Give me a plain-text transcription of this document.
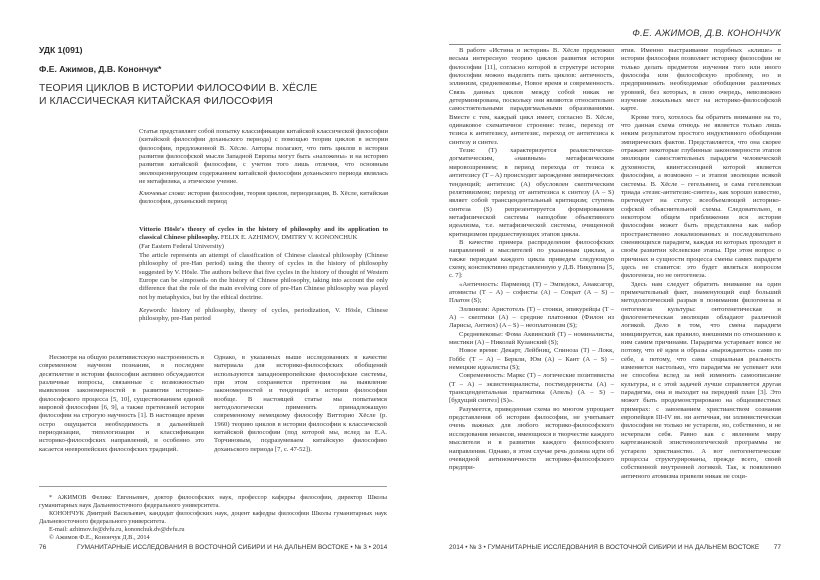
УДК 1(091)
Ф.Е. Ажимов, Д.В. Конончук*
ТЕОРИЯ ЦИКЛОВ В ИСТОРИИ ФИЛОСОФИИ В. ХЁСЛЕ
И КЛАССИЧЕСКАЯ КИТАЙСКАЯ ФИЛОСОФИЯ

Статья представляет собой попытку классификации китайской классической философии (китайской философии доханьского периода) с помощью теории циклов в истории философии, предложенной В. Хёсле. Авторы полагают, что пять циклов в истории развития философской мысли Западной Европы могут быть «наложены» и на историю развития китайской философии, с учетом того лишь отличия, что основным эволюционирующим содержанием китайской философии доханьского периода являлась не метафизика, а этическое учение.

Ключевые слова: история философии, теория циклов, периодизация, В. Хёсле, китайская философия, доханьский период

Vittorio Hösle's theory of cycles in the history of philosophy and its application to classical Chinese philosophy. FELIX E. AZHIMOV, DMITRY V. KONONCHUK

(Far Eastern Federal University)

The article represents an attempt of classification of Chinese classical philosophy (Chinese philosophy of pre-Han period) using the theory of cycles in the history of philosophy suggested by V. Hösle. The authors believe that five cycles in the history of thought of Western Europe can be «imposed» on the history of Chinese philosophy, taking into account the only difference that the role of the main evolving core of pre-Han Chinese philosophy was played not by metaphysics, but by the ethical doctrine.

Keywords: history of philosophy, theory of cycles, periodization, V. Hösle, Chinese philosophy, pre-Han period

Несмотря на общую релятивистскую настроенность в современном научном познании, в последнее десятилетие в истории философии активно обсуждаются различные вопросы, связанные с возможностью выявления закономерностей в развитии историко-философского процесса [5, 10], существованием единой мировой философии [6, 9], а также претензией истории философии на строгую научность [1]. В настоящее время остро ощущается необходимость в дальнейшей периодизации, типологизации и классификации историко-философских направлений, и особенно это касается неевропейских философских традиций.

Однако, в указанных выше исследованиях в качестве материала для историко-философских обобщений используются западноевропейские философские системы, при этом сохраняется претензия на выявление закономерностей и тенденций в истории философии вообще. В настоящей статье мы попытаемся методологически применить принадлежащую современному немецкому философу Витторио Хёсле (р. 1960) теорию циклов в истории философии к классической китайской философии (под которой мы, вслед за Е.А. Торчиновым, подразумеваем китайскую философию доханьского периода [7, с. 47-52]).

* АЖИМОВ Феликс Евгеньевич, доктор философских наук, профессор кафедры философии, директор Школы гуманитарных наук Дальневосточного федерального университета.

КОНОНЧУК Дмитрий Васильевич, кандидат философских наук, доцент кафедры философии Школы гуманитарных наук Дальневосточного федерального университета.

E-mail: azhimov.fe@dvfu.ru, kononchuk.dv@dvfu.ru

© Ажимов Ф.Е., Конончук Д.В., 2014

76	ГУМАНИТАРНЫЕ ИССЛЕДОВАНИЯ В ВОСТОЧНОЙ СИБИРИ И НА ДАЛЬНЕМ ВОСТОКЕ • № 3 • 2014
Ф.Е. АЖИМОВ, Д.В. КОНОНЧУК

В работе «Истина и история» В. Хёсле предложил весьма интересную теорию циклов развития истории философии [11], согласно которой в структуре истории философии можно выделить пять циклов: античность, эллинизм, средневековье, Новое время и современность. Связь данных циклов между собой никак не детерминирована, поскольку они являются относительно самостоятельными парадигмальными образованиями. Вместе с тем, каждый цикл имеет, согласно В. Хёсле, одинаковое схематичное строение: тезис, переход от тезиса к антитезису, антитезис, переход от антитезиса к синтезу и синтез.

Тезис (T) характеризуется реалистически-догматическим, «наивным» метафизическим мировоззрением; в период перехода от тезиса к антитезису (T – A) происходит зарождение эмпирических тенденций; антитезис (A) обусловлен скептическим релятивизмом; переход от антитезиса к синтезу (A – S) являет собой трансцендентальный критицизм; ступень синтеза (S) репрезентируется формированием метафизической системы наподобие объективного идеализма, т.е. метафизической системы, очищенной критицизмом предшествующих этапов цикла.

В качестве примера распределения философских направлений и мыслителей по указанным циклам, а также периодам каждого цикла приведем следующую схему, конспективно представленную у Д.В. Никулина [5, с. 7]:

«Античность: Парменид (T) – Эмпедокл, Анаксагор, атомисты (T – A) – софисты (A) – Сократ (A – S) – Платон (S);

Эллинизм: Аристотель (T) – стоики, эпикурейцы (T – A) – скептики (A) – средние платоники (Филон из Ларисы, Антиох) (A – S) – неоплатонизм (S);

Средневековье: Фома Аквинский (T) – номиналисты, мистики (A) – Николай Кузанский (S);

Новое время: Декарт, Лейбниц, Спиноза (T) – Локк, Гоббс (T – A) – Беркли, Юм (A) – Кант (A – S) – немецкие идеалисты (S);

Современность: Маркс (T) – логические позитивисты (T – A) – экзистенциалисты, постмодернисты (A) – трансцендентальная прагматика (Апель) (A – S) – [будущий синтез] (S)».

Разумеется, приведенная схема во многом упрощает представления об истории философии, не учитывает очень важных для любого историко-философского исследования нюансов, имеющихся в творчестве каждого мыслителя и в развитии каждого философского направления. Однако, в этом случае речь должна идти об очевидной антиномичности историко-философского предпри-

ятия. Именно выстраивание подобных «клише» в истории философии позволяет историку философии не только делать предметом изучения того или иного философа или философскую проблему, но и предпринимать необходимые обобщения различных уровней, без которых, в свою очередь, невозможно изучение локальных мест на историко-философской карте.

Кроме того, хотелось бы обратить внимание на то, что данная схема отнюдь не является только лишь неким результатом простого индуктивного обобщения эмпирических фактов. Представляется, что она скорее отражает некоторые глубинные закономерности этапов эволюции самостоятельных парадигм человеческой духовности, квинтэссенцией которой является философия, а возможно – и этапов эволюции всякой системы. В. Хёсле – гегельянец, и сама гегелевская триада «тезис-антитезис-синтез», как хорошо известно, претендует на статус всеобъемлющей историко-софской объяснительной схемы. Следовательно, в некотором общем приближении вся история философии может быть представлена как набор пространственно локализованных и последовательно сменяющихся парадигм, каждая из которых проходит в своём развитии хёслевские этапы. При этом вопрос о причинах и сущности процесса смены самих парадигм здесь не ставится: это будет являться вопросом филогенеза, но не онтогенеза.

Здесь нам следует обратить внимание на один примечательный факт, знаменующий ещё больший методологический разрыв в понимании филогенеза и онтогенеза культуры: онтогенетическая и филогенетическая эволюции обладают различной логикой. Дело в том, что смена парадигм инициируется, как правило, внешними по отношению к ним самим причинами. Парадигма устаревает вовсе не потому, что её идеи и образы «вырождаются» сами по себе, а потому, что сама социальная реальность изменяется настолько, что парадигма не успевает или не способна вслед за ней изменить самоописание культуры, и с этой задачей лучше справляется другая парадигма, она и выходит на передний план [3]. Это может быть продемонстрировано на общеизвестных примерах: с завоеванием христианством сознания европейцев III-IV вв. ни античная, ни эллинистическая философия не только не устарели, но, собственно, и не исчерпали себя. Равно как с явлением миру картезианской эпистемологической программы не устарело христианство. А вот онтогенетические процессы структурированы, прежде всего, своей собственной внутренней логикой. Так, к появлению античного атомизма привели никак не соци-

2014 • № 3 • ГУМАНИТАРНЫЕ ИССЛЕДОВАНИЯ В ВОСТОЧНОЙ СИБИРИ И НА ДАЛЬНЕМ ВОСТОКЕ 77
